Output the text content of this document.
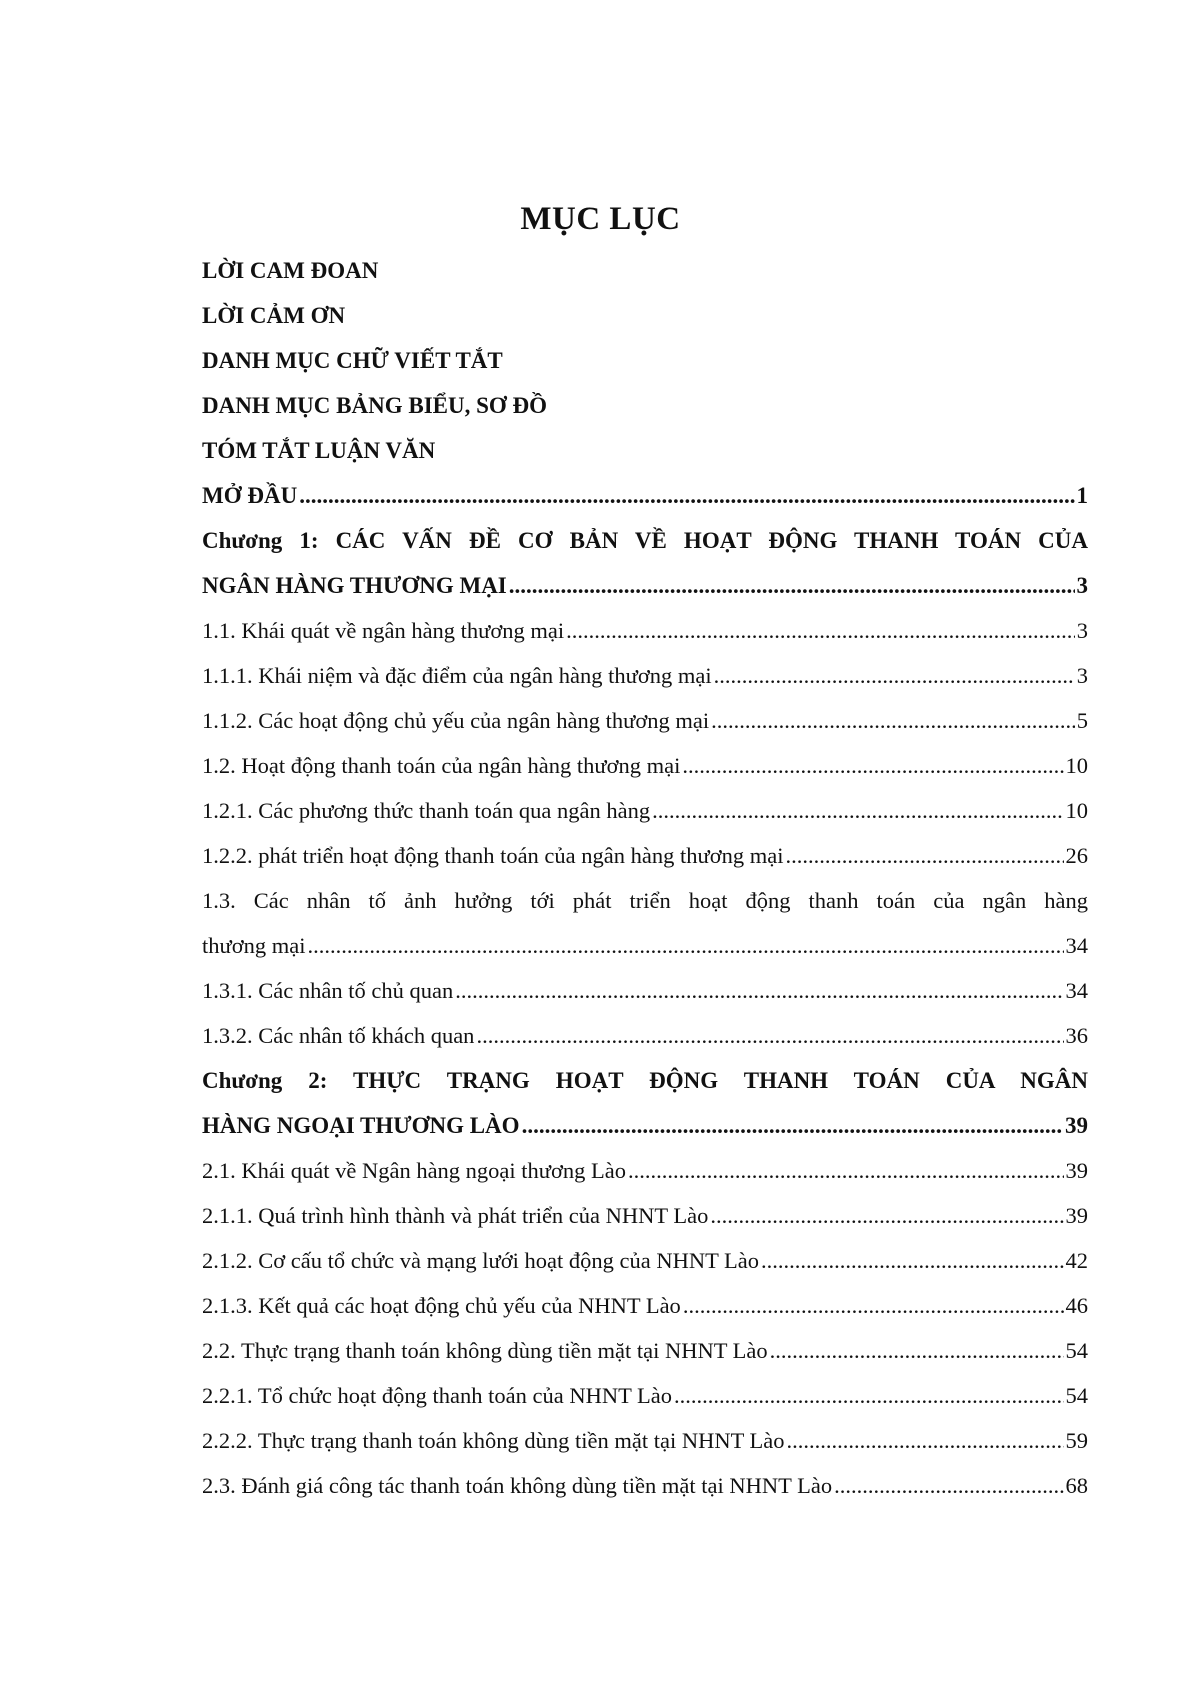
MỤC LỤC
LỜI CAM ĐOAN
LỜI CẢM ƠN
DANH MỤC CHỮ VIẾT TẮT
DANH MỤC BẢNG BIỂU, SƠ ĐỒ
TÓM TẮT LUẬN VĂN
MỞ ĐẦU .....	1
Chương 1: CÁC VẤN ĐỀ CƠ BẢN VỀ HOẠT ĐỘNG THANH TOÁN CỦA
NGÂN HÀNG THƯƠNG MẠI .....	3
1.1. Khái quát về ngân hàng thương mại .....	3
1.1.1. Khái niệm và đặc điểm của ngân hàng thương mại .....	3
1.1.2. Các hoạt động chủ yếu của ngân hàng thương mại .....	5
1.2. Hoạt động thanh toán của ngân hàng thương mại .....	10
1.2.1. Các phương thức thanh toán qua ngân hàng .....	10
1.2.2. phát triển hoạt động thanh toán của ngân hàng thương mại .....	26
1.3. Các nhân tố ảnh hưởng tới phát triển hoạt động thanh toán của ngân hàng
thương mại .....	34
1.3.1. Các nhân tố chủ quan .....	34
1.3.2. Các nhân tố khách quan .....	36
Chương 2: THỰC TRẠNG HOẠT ĐỘNG THANH TOÁN CỦA NGÂN
HÀNG NGOẠI THƯƠNG LÀO .....	39
2.1. Khái quát về Ngân hàng ngoại thương Lào .....	39
2.1.1. Quá trình hình thành và phát triển của NHNT Lào .....	39
2.1.2. Cơ cấu tổ chức và mạng lưới hoạt động của NHNT Lào .....	42
2.1.3. Kết quả các hoạt động chủ yếu của NHNT Lào .....	46
2.2. Thực trạng thanh toán không dùng tiền mặt tại NHNT Lào .....	54
2.2.1. Tổ chức hoạt động thanh toán của NHNT Lào .....	54
2.2.2. Thực trạng thanh toán không dùng tiền mặt tại NHNT Lào .....	59
2.3. Đánh giá công tác thanh toán không dùng tiền mặt tại NHNT Lào .....	68
